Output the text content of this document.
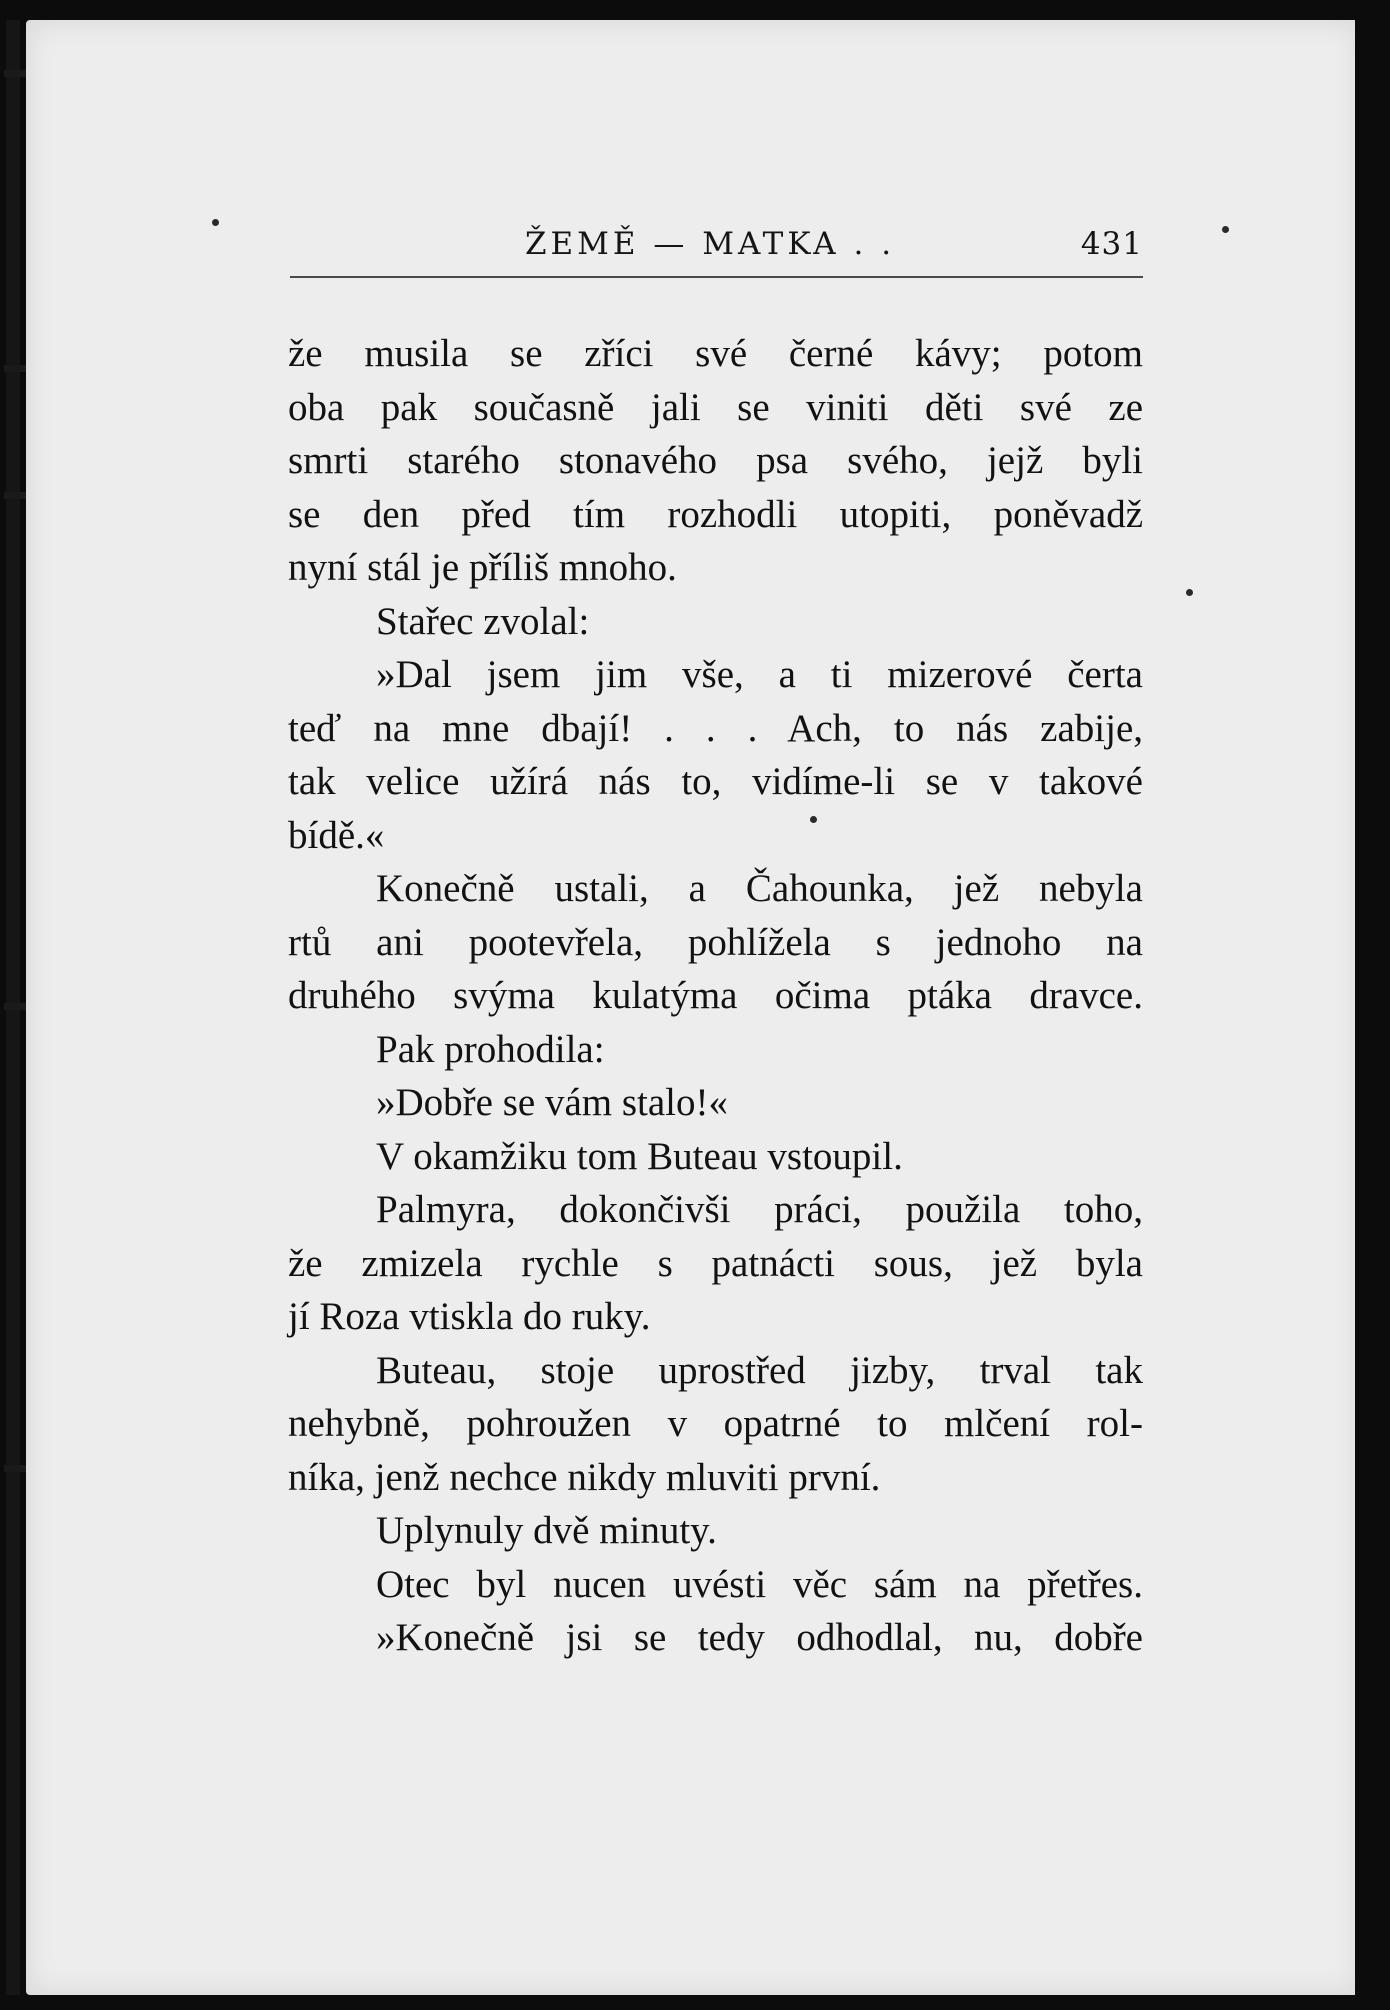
ŽEMĚ — MATKA . .	431
že musila se zříci své černé kávy; potom
oba pak současně jali se viniti děti své ze
smrti starého stonavého psa svého, jejž byli
se den před tím rozhodli utopiti, poněvadž
nyní stál je příliš mnoho.
Stařec zvolal:
»Dal jsem jim vše, a ti mizerové čerta
teď na mne dbají! . . . Ach, to nás zabije,
tak velice užírá nás to, vidíme-li se v takové
bídě.«
Konečně ustali, a Čahounka, jež nebyla
rtů ani pootevřela, pohlížela s jednoho na
druhého svýma kulatýma očima ptáka dravce.
Pak prohodila:
»Dobře se vám stalo!«
V okamžiku tom Buteau vstoupil.
Palmyra, dokončivši práci, použila toho,
že zmizela rychle s patnácti sous, jež byla
jí Roza vtiskla do ruky.
Buteau, stoje uprostřed jizby, trval tak
nehybně, pohroužen v opatrné to mlčení rol-
níka, jenž nechce nikdy mluviti první.
Uplynuly dvě minuty.
Otec byl nucen uvésti věc sám na přetřes.
»Konečně jsi se tedy odhodlal, nu, dobře
